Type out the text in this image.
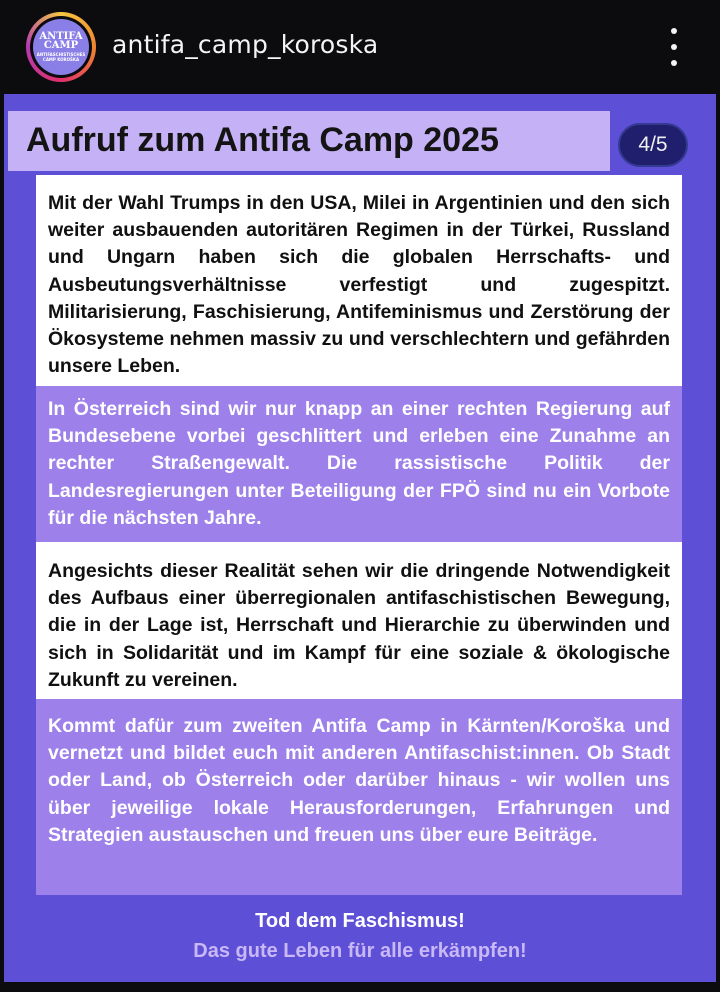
ANTIFA
CAMP
ANTIFASCHISTISCHES CAMP KOROŠKA
antifa_camp_koroska
Aufruf zum Antifa Camp 2025	4/5
Mit der Wahl Trumps in den USA, Milei in Argentinien und den sich weiter ausbauenden autoritären Regimen in der Türkei, Russland und Ungarn haben sich die globalen Herrschafts- und Ausbeutungsverhältnisse verfestigt und zugespitzt. Militarisierung, Faschisierung, Antifeminismus und Zerstörung der Ökosysteme nehmen massiv zu und verschlechtern und gefährden unsere Leben.
In Österreich sind wir nur knapp an einer rechten Regierung auf Bundesebene vorbei geschlittert und erleben eine Zunahme an rechter Straßengewalt. Die rassistische Politik der Landesregierungen unter Beteiligung der FPÖ sind nu ein Vorbote für die nächsten Jahre.
Angesichts dieser Realität sehen wir die dringende Notwendigkeit des Aufbaus einer überregionalen antifaschistischen Bewegung, die in der Lage ist, Herrschaft und Hierarchie zu überwinden und sich in Solidarität und im Kampf für eine soziale & ökologische Zukunft zu vereinen.
Kommt dafür zum zweiten Antifa Camp in Kärnten/Koroška und vernetzt und bildet euch mit anderen Antifaschist:innen. Ob Stadt oder Land, ob Österreich oder darüber hinaus - wir wollen uns über jeweilige lokale Herausforderungen, Erfahrungen und Strategien austauschen und freuen uns über eure Beiträge.
Tod dem Faschismus!
Das gute Leben für alle erkämpfen!
